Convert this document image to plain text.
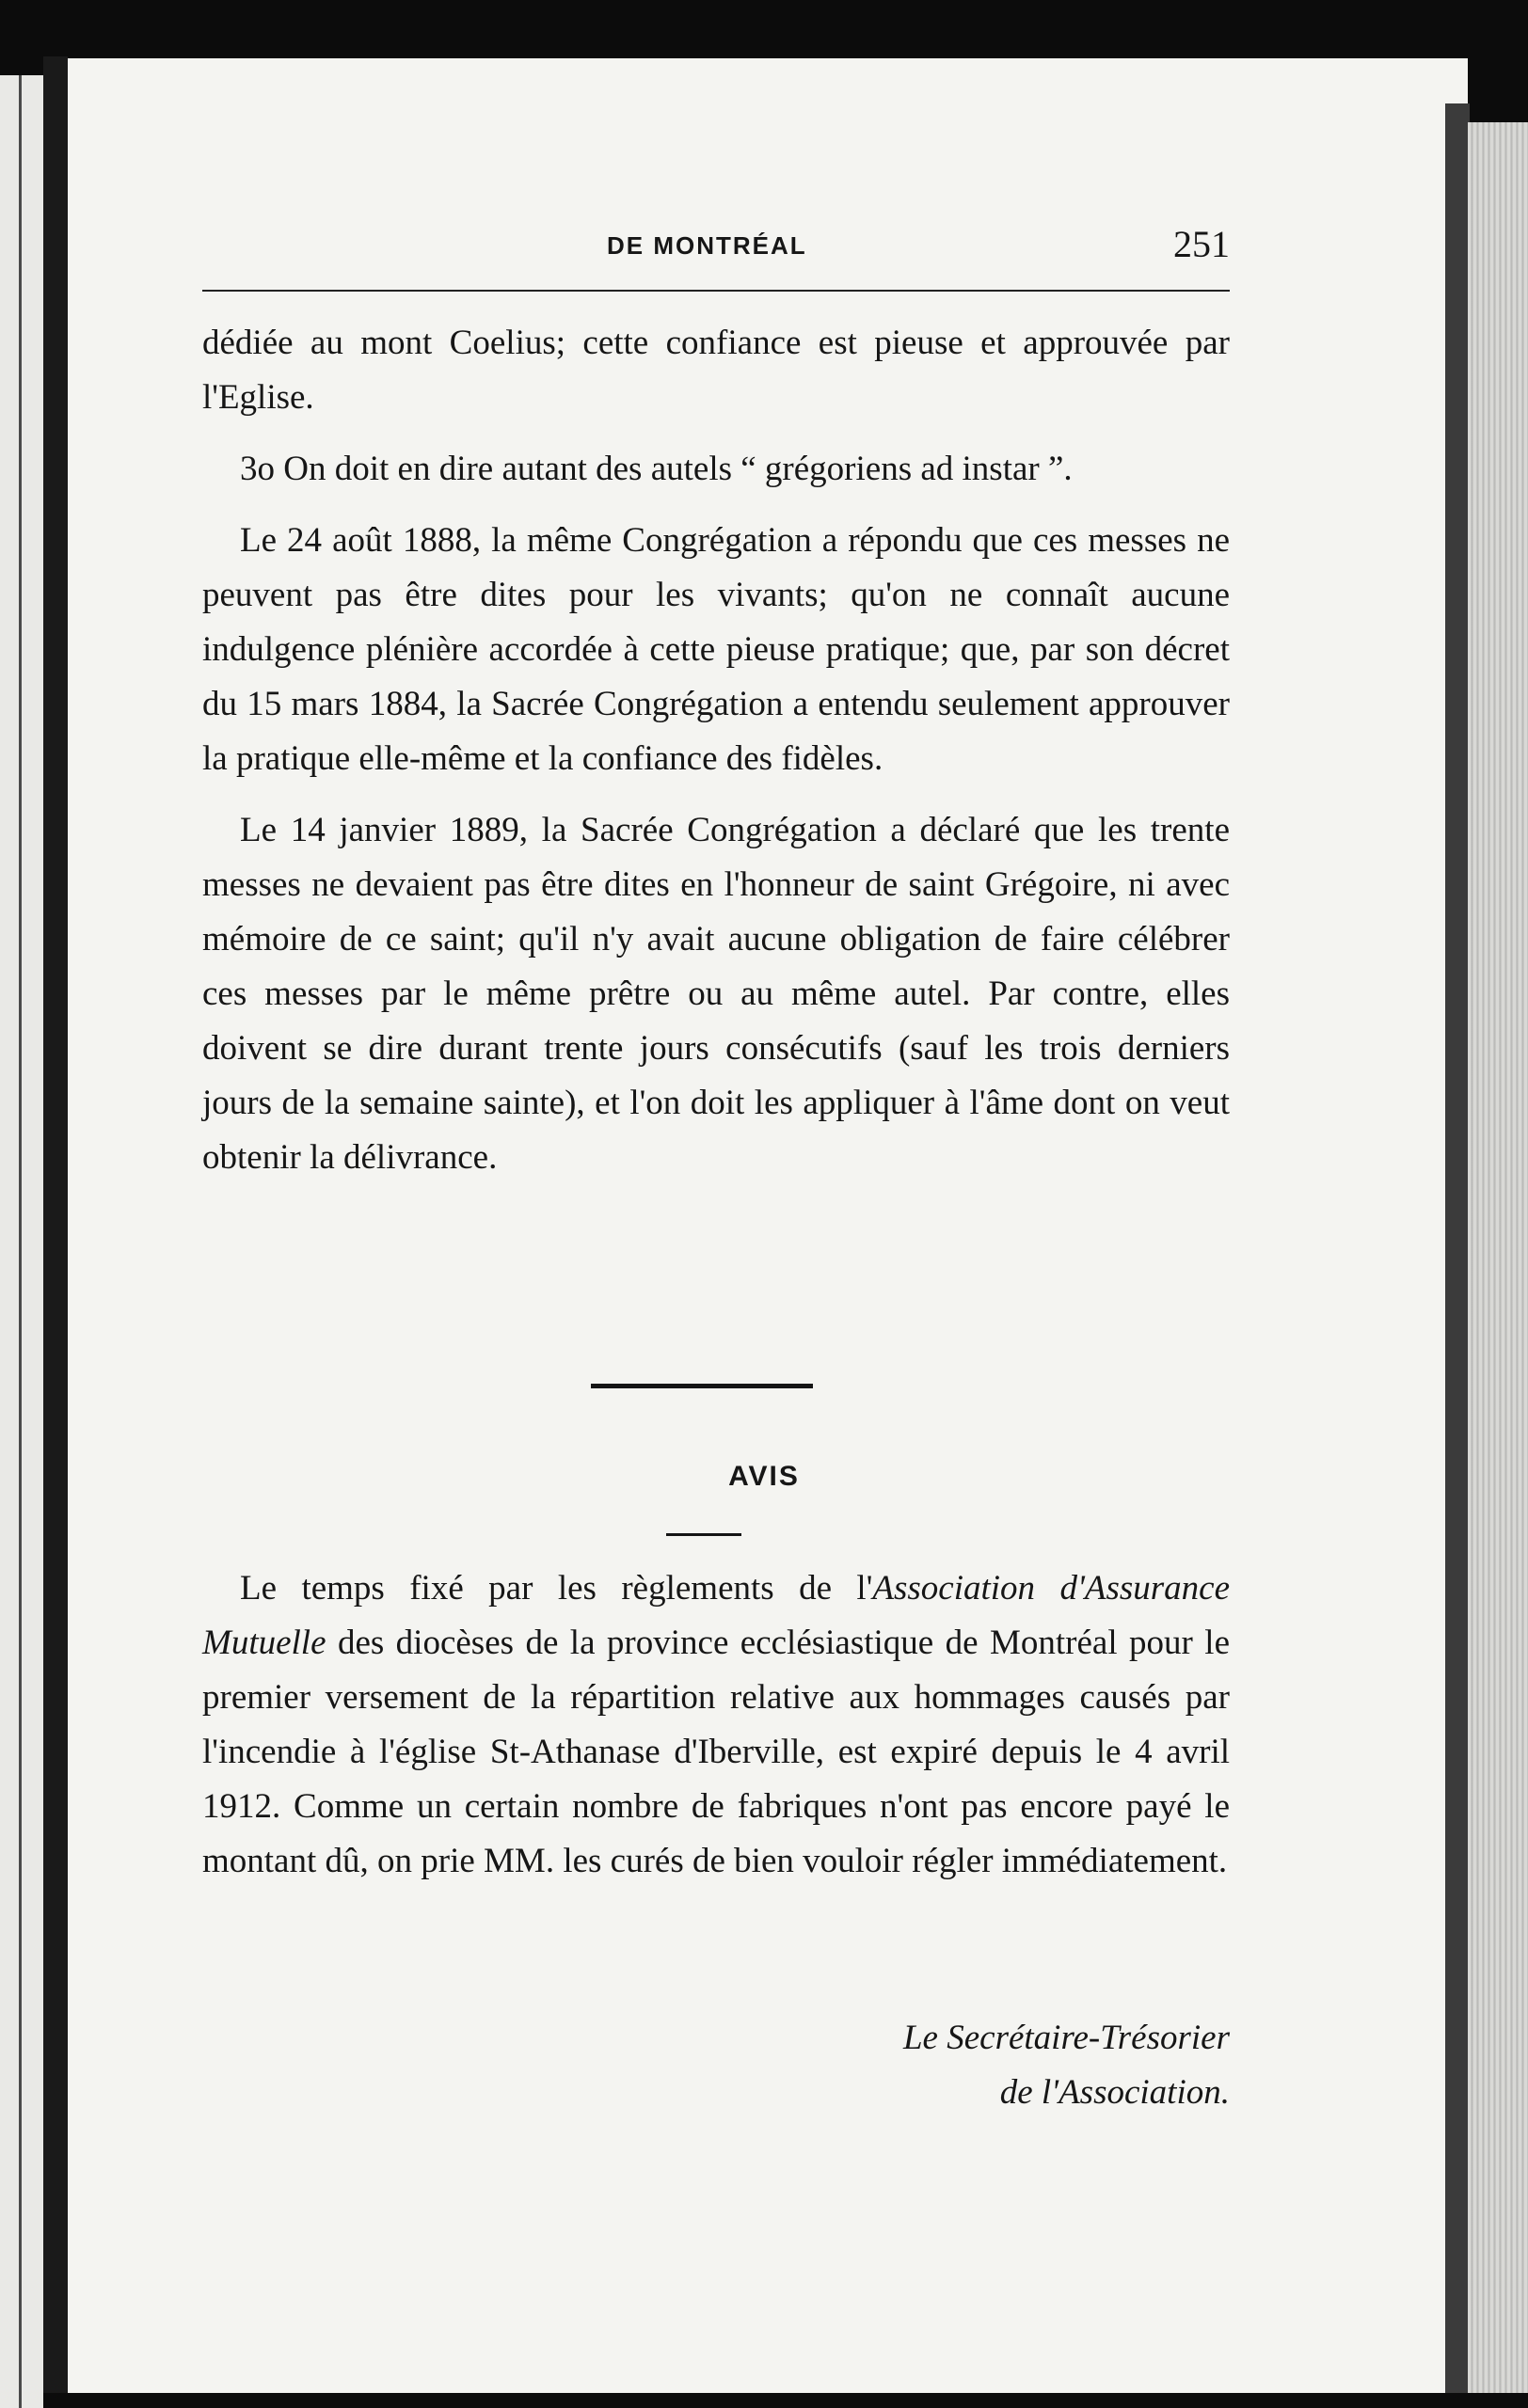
DE MONTRÉAL	251

dédiée au mont Coelius; cette confiance est pieuse et approuvée par l'Eglise.

3o On doit en dire autant des autels “ grégoriens ad instar ”.

Le 24 août 1888, la même Congrégation a répondu que ces messes ne peuvent pas être dites pour les vivants; qu'on ne connaît aucune indulgence plénière accordée à cette pieuse pratique; que, par son décret du 15 mars 1884, la Sacrée Congrégation a entendu seulement approuver la pratique elle-même et la confiance des fidèles.

Le 14 janvier 1889, la Sacrée Congrégation a déclaré que les trente messes ne devaient pas être dites en l'honneur de saint Grégoire, ni avec mémoire de ce saint; qu'il n'y avait aucune obligation de faire célébrer ces messes par le même prêtre ou au même autel. Par contre, elles doivent se dire durant trente jours consécutifs (sauf les trois derniers jours de la semaine sainte), et l'on doit les appliquer à l'âme dont on veut obtenir la délivrance.

AVIS

Le temps fixé par les règlements de l'Association d'Assurance Mutuelle des diocèses de la province ecclésiastique de Montréal pour le premier versement de la répartition relative aux hommages causés par l'incendie à l'église St-Athanase d'Iberville, est expiré depuis le 4 avril 1912. Comme un certain nombre de fabriques n'ont pas encore payé le montant dû, on prie MM. les curés de bien vouloir régler immédiatement.

Le Secrétaire-Trésorier
de l'Association.
